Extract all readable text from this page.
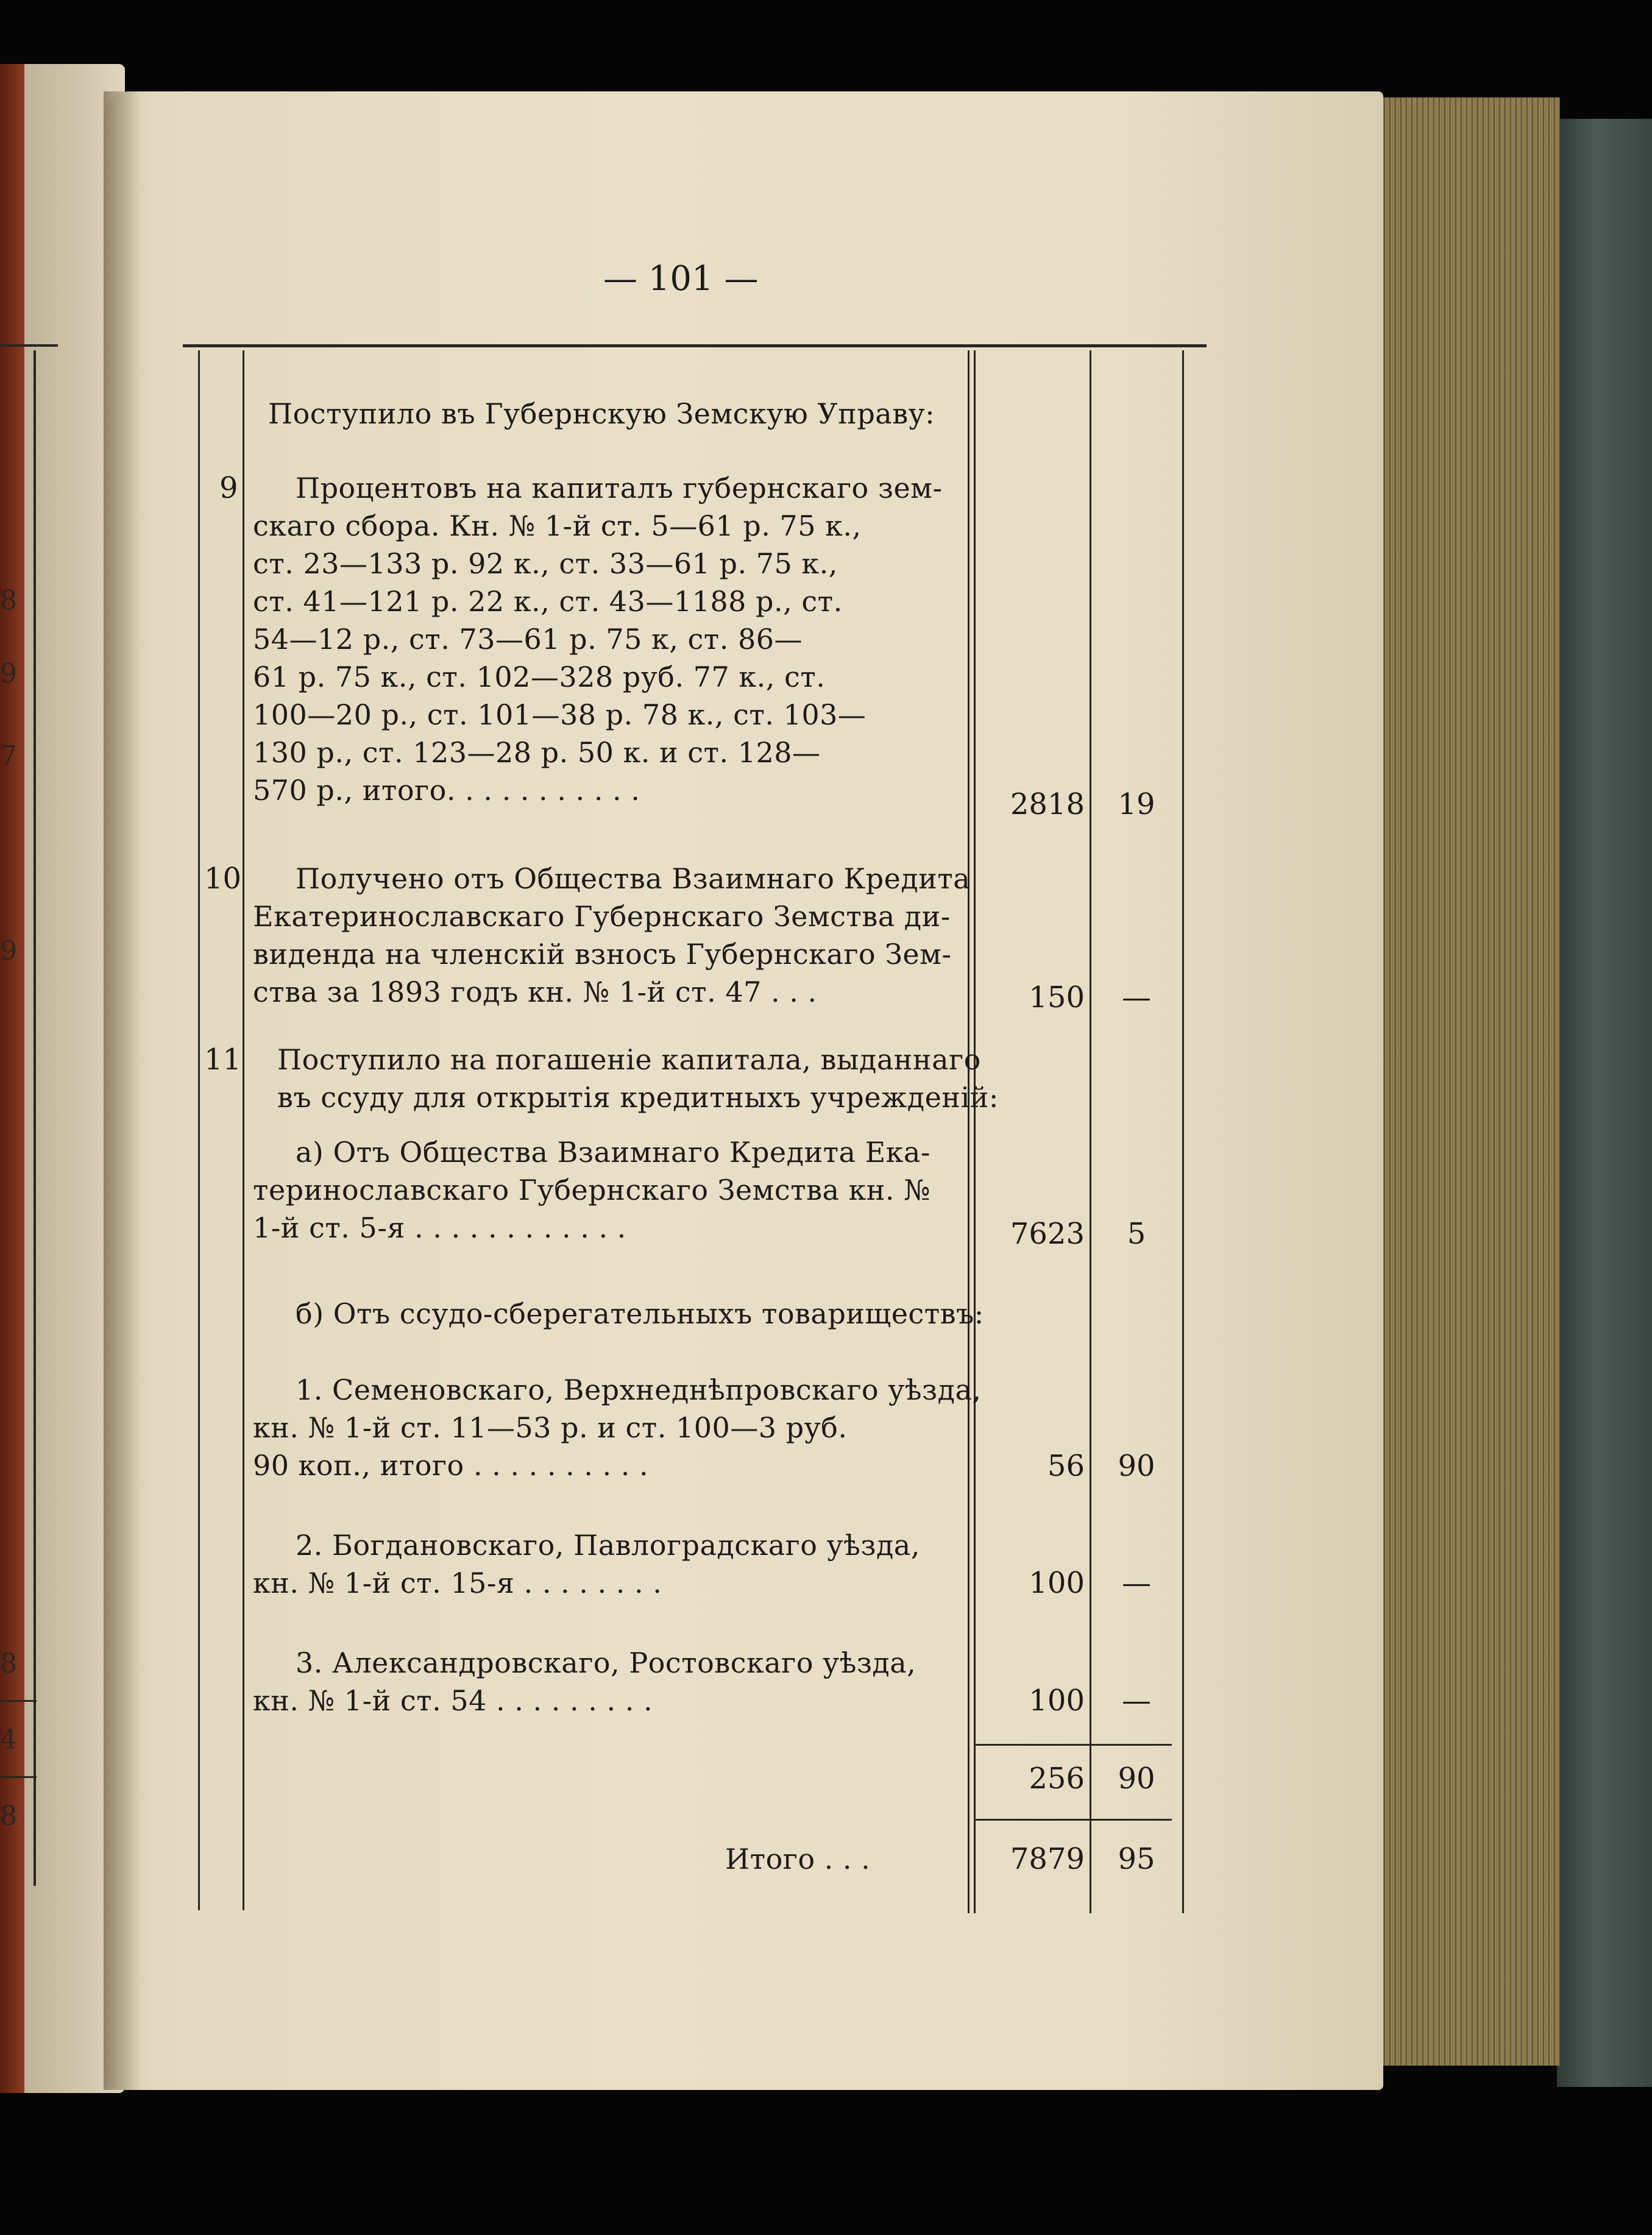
8
9
7
9
8
4
8
— 101 —
Поступило въ Губернскую Земскую Управу:
9	Процентовъ на капиталъ губернскаго зем-
скаго сбора. Кн. № 1-й ст. 5—61 р. 75 к.,
ст. 23—133 р. 92 к., ст. 33—61 р. 75 к.,
ст. 41—121 р. 22 к., ст. 43—1188 р., ст.
54—12 р., ст. 73—61 р. 75 к, ст. 86—
61 р. 75 к., ст. 102—328 руб. 77 к., ст.
100—20 р., ст. 101—38 р. 78 к., ст. 103—
130 р., ст. 123—28 р. 50 к. и ст. 128—
570 р., итого. . . . . . . . . . .	2818	19
10	Получено отъ Общества Взаимнаго Кредита
Екатеринославскаго Губернскаго Земства ди-
виденда на членскій взносъ Губернскаго Зем-
ства за 1893 годъ кн. № 1-й ст. 47 . . .	150	—
11	Поступило на погашеніе капитала, выданнаго
въ ссуду для открытія кредитныхъ учрежденій:
а) Отъ Общества Взаимнаго Кредита Ека-
теринославскаго Губернскаго Земства кн. №
1-й ст. 5-я . . . . . . . . . . . .	7623	5
б) Отъ ссудо-сберегательныхъ товариществъ:
1. Семеновскаго, Верхнеднѣпровскаго уѣзда,
кн. № 1-й ст. 11—53 р. и ст. 100—3 руб.
90 коп., итого . . . . . . . . . .	56	90
2. Богдановскаго, Павлоградскаго уѣзда,
кн. № 1-й ст. 15-я . . . . . . . .	100	—
3. Александровскаго, Ростовскаго уѣзда,
кн. № 1-й ст. 54 . . . . . . . . .	100	—
256	90
Итого . . .	7879	95
